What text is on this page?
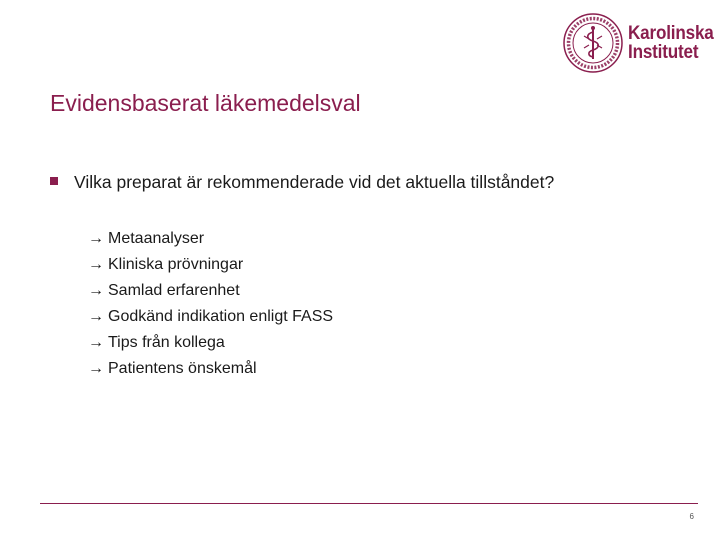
Karolinska
Institutet
Evidensbaserat läkemedelsval
Vilka preparat är rekommenderade vid det aktuella tillståndet?
→ Metaanalyser
→ Kliniska prövningar
→ Samlad erfarenhet
→ Godkänd indikation enligt FASS
→ Tips från kollega
→ Patientens önskemål
6
